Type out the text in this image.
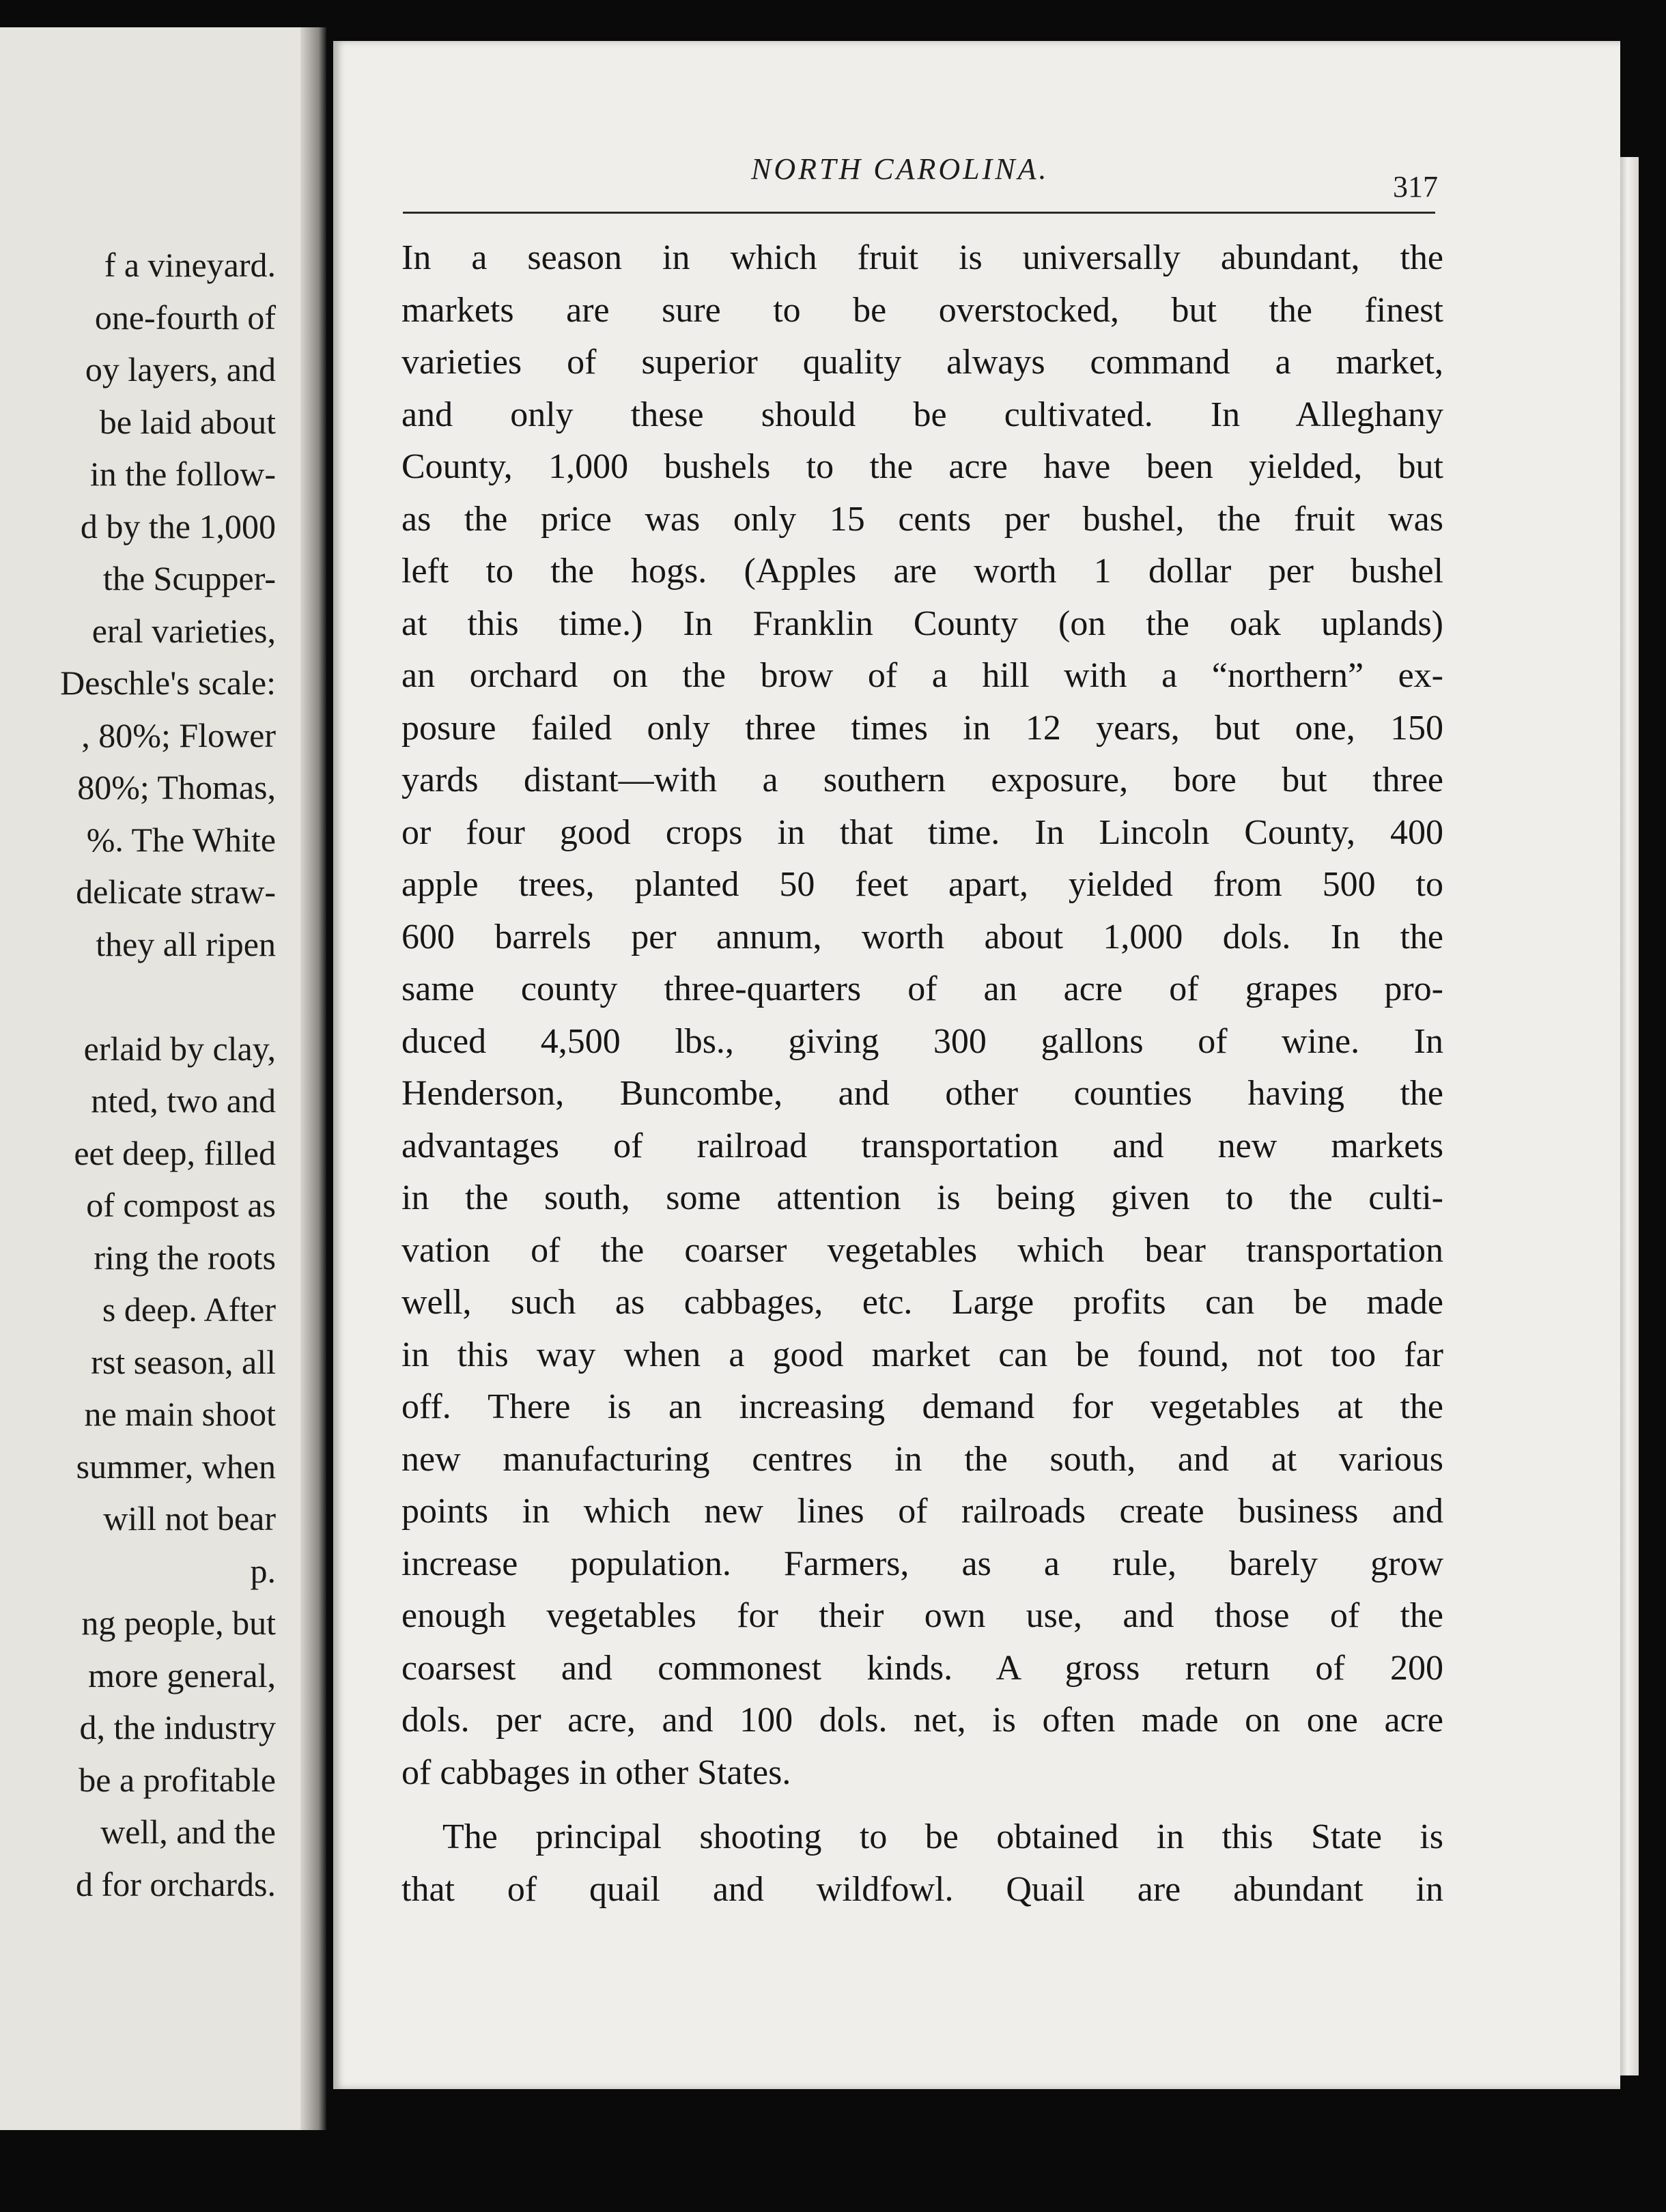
f a vineyard.
one-fourth of
oy layers, and
be laid about
in the follow-
d by the 1,000
the Scupper-
eral varieties,
Deschle's scale:
, 80%; Flower
80%; Thomas,
%. The White
delicate straw-
they all ripen
erlaid by clay,
nted, two and
eet deep, filled
of compost as
ring the roots
s deep. After
rst season, all
ne main shoot
summer, when
will not bear
p.
ng people, but
more general,
d, the industry
be a profitable
well, and the
d for orchards.
NORTH CAROLINA.
317
In a season in which fruit is universally abundant, the
markets are sure to be overstocked, but the finest
varieties of superior quality always command a market,
and only these should be cultivated. In Alleghany
County, 1,000 bushels to the acre have been yielded, but
as the price was only 15 cents per bushel, the fruit was
left to the hogs. (Apples are worth 1 dollar per bushel
at this time.) In Franklin County (on the oak uplands)
an orchard on the brow of a hill with a “northern” ex-
posure failed only three times in 12 years, but one, 150
yards distant—with a southern exposure, bore but three
or four good crops in that time. In Lincoln County, 400
apple trees, planted 50 feet apart, yielded from 500 to
600 barrels per annum, worth about 1,000 dols. In the
same county three-quarters of an acre of grapes pro-
duced 4,500 lbs., giving 300 gallons of wine. In
Henderson, Buncombe, and other counties having the
advantages of railroad transportation and new markets
in the south, some attention is being given to the culti-
vation of the coarser vegetables which bear transportation
well, such as cabbages, etc. Large profits can be made
in this way when a good market can be found, not too far
off. There is an increasing demand for vegetables at the
new manufacturing centres in the south, and at various
points in which new lines of railroads create business and
increase population. Farmers, as a rule, barely grow
enough vegetables for their own use, and those of the
coarsest and commonest kinds. A gross return of 200
dols. per acre, and 100 dols. net, is often made on one acre
of cabbages in other States.
The principal shooting to be obtained in this State is
that of quail and wildfowl. Quail are abundant in
